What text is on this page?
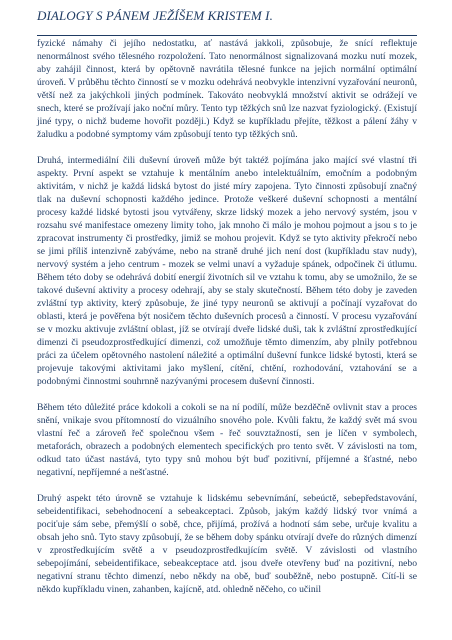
DIALOGY S PÁNEM JEŽÍŠEM KRISTEM I.

fyzické námahy či jejího nedostatku, ať nastává jakkoli, způsobuje, že snící reflektuje nenormálnost svého tělesného rozpoložení. Tato nenormálnost signalizovaná mozku nutí mozek, aby zahájil činnost, která by opětovně navrátila tělesné funkce na jejich normální optimální úroveň. V průběhu těchto činností se v mozku odehrává neobvykle intenzivní vyzařování neuronů, větší než za jakýchkoli jiných podmínek. Takováto neobvyklá množství aktivit se odrážejí ve snech, které se prožívají jako noční můry. Tento typ těžkých snů lze nazvat fyziologický. (Existují jiné typy, o nichž budeme hovořit později.) Když se kupříkladu přejíte, těžkost a pálení žáhy v žaludku a podobné symptomy vám způsobují tento typ těžkých snů.

Druhá, intermediální čili duševní úroveň může být taktéž pojímána jako mající své vlastní tři aspekty. První aspekt se vztahuje k mentálním anebo intelektuálním, emočním a podobným aktivitám, v nichž je každá lidská bytost do jisté míry zapojena. Tyto činnosti způsobují značný tlak na duševní schopnosti každého jedince. Protože veškeré duševní schopnosti a mentální procesy každé lidské bytosti jsou vytvářeny, skrze lidský mozek a jeho nervový systém, jsou v rozsahu své manifestace omezeny limity toho, jak mnoho či málo je mohou pojmout a jsou s to je zpracovat instrumenty či prostředky, jimiž se mohou projevit. Když se tyto aktivity překročí nebo se jimi příliš intenzivně zabýváme, nebo na straně druhé jich není dost (kupříkladu stav nudy), nervový systém a jeho centrum - mozek se velmi unaví a vyžaduje spánek, odpočinek či útlumu. Během této doby se odehrává dobití energií životních sil ve vztahu k tomu, aby se umožnilo, že se takové duševní aktivity a procesy odehrají, aby se staly skutečností. Během této doby je zaveden zvláštní typ aktivity, který způsobuje, že jiné typy neuronů se aktivují a počínají vyzařovat do oblasti, která je pověřena být nosičem těchto duševních procesů a činností. V procesu vyzařování se v mozku aktivuje zvláštní oblast, jíž se otvírají dveře lidské duši, tak k zvláštní zprostředkující dimenzi či pseudozprostředkující dimenzi, což umožňuje těmto dimenzím, aby plnily potřebnou práci za účelem opětovného nastolení náležité a optimální duševní funkce lidské bytosti, která se projevuje takovými aktivitami jako myšlení, cítění, chtění, rozhodování, vztahování se a podobnými činnostmi souhrnně nazývanými procesem duševní činnosti.

Během této důležité práce kdokoli a cokoli se na ní podílí, může bezděčně ovlivnit stav a proces snění, vnikaje svou přítomností do vizuálního snového pole. Kvůli faktu, že každý svět má svou vlastní řeč a zároveň řeč společnou všem - řeč souvztažností, sen je líčen v symbolech, metaforách, obrazech a podobných elementech specifických pro tento svět. V závislosti na tom, odkud tato účast nastává, tyto typy snů mohou být buď pozitivní, příjemné a šťastné, nebo negativní, nepříjemné a nešťastné.

Druhý aspekt této úrovně se vztahuje k lidskému sebevnímání, sebeúctě, sebepředstavování, sebeidentifikaci, sebehodnocení a sebeakceptaci. Způsob, jakým každý lidský tvor vnímá a pociťuje sám sebe, přemýšlí o sobě, chce, přijímá, prožívá a hodnotí sám sebe, určuje kvalitu a obsah jeho snů. Tyto stavy způsobují, že se během doby spánku otvírají dveře do různých dimenzí v zprostředkujícím světě a v pseudozprostředkujícím světě. V závislosti od vlastního sebepojímání, sebeidentifikace, sebeakceptace atd. jsou dveře otevřeny buď na pozitivní, nebo negativní stranu těchto dimenzí, nebo někdy na obě, buď souběžně, nebo postupně. Cítí-li se někdo kupříkladu vinen, zahanben, kajícně, atd. ohledně něčeho, co učinil
